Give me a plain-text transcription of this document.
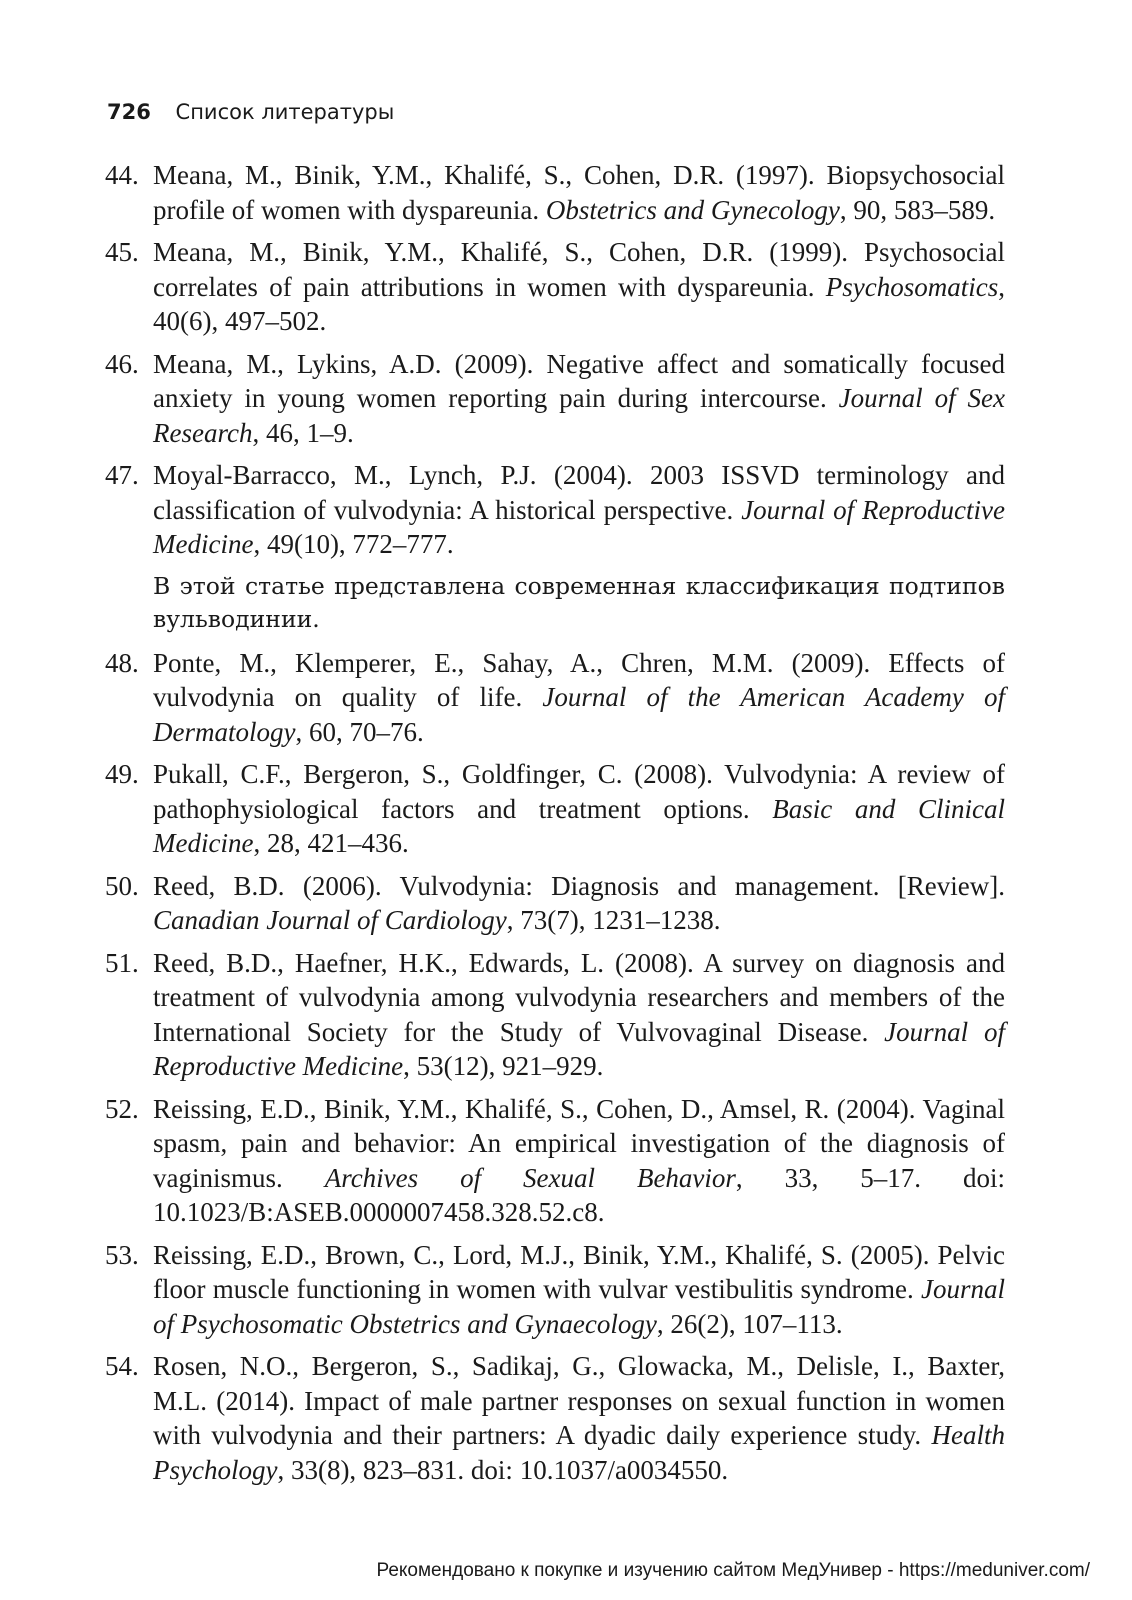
726 Список литературы
44. Meana, M., Binik, Y.M., Khalifé, S., Cohen, D.R. (1997). Biopsychosocial profile of women with dyspareunia. Obstetrics and Gynecology, 90, 583–589.
45. Meana, M., Binik, Y.M., Khalifé, S., Cohen, D.R. (1999). Psychosocial correlates of pain attributions in women with dyspareunia. Psychosomatics, 40(6), 497–502.
46. Meana, M., Lykins, A.D. (2009). Negative affect and somatically focused anxiety in young women reporting pain during intercourse. Journal of Sex Research, 46, 1–9.
47. Moyal-Barracco, M., Lynch, P.J. (2004). 2003 ISSVD terminology and classification of vulvodynia: A historical perspective. Journal of Reproductive Medicine, 49(10), 772–777.
В этой статье представлена современная классификация подтипов вульводинии.
48. Ponte, M., Klemperer, E., Sahay, A., Chren, M.M. (2009). Effects of vulvodynia on quality of life. Journal of the American Academy of Dermatology, 60, 70–76.
49. Pukall, C.F., Bergeron, S., Goldfinger, C. (2008). Vulvodynia: A review of pathophysiological factors and treatment options. Basic and Clinical Medicine, 28, 421–436.
50. Reed, B.D. (2006). Vulvodynia: Diagnosis and management. [Review]. Canadian Journal of Cardiology, 73(7), 1231–1238.
51. Reed, B.D., Haefner, H.K., Edwards, L. (2008). A survey on diagnosis and treatment of vulvodynia among vulvodynia researchers and members of the International Society for the Study of Vulvovaginal Disease. Journal of Reproductive Medicine, 53(12), 921–929.
52. Reissing, E.D., Binik, Y.M., Khalifé, S., Cohen, D., Amsel, R. (2004). Vaginal spasm, pain and behavior: An empirical investigation of the diagnosis of vaginismus. Archives of Sexual Behavior, 33, 5–17. doi: 10.1023/B:ASEB.0000007458.328.52.c8.
53. Reissing, E.D., Brown, C., Lord, M.J., Binik, Y.M., Khalifé, S. (2005). Pelvic floor muscle functioning in women with vulvar vestibulitis syndrome. Journal of Psychosomatic Obstetrics and Gynaecology, 26(2), 107–113.
54. Rosen, N.O., Bergeron, S., Sadikaj, G., Glowacka, M., Delisle, I., Baxter, M.L. (2014). Impact of male partner responses on sexual function in women with vulvodynia and their partners: A dyadic daily experience study. Health Psychology, 33(8), 823–831. doi: 10.1037/a0034550.
Рекомендовано к покупке и изучению сайтом МедУнивер - https://meduniver.com/
